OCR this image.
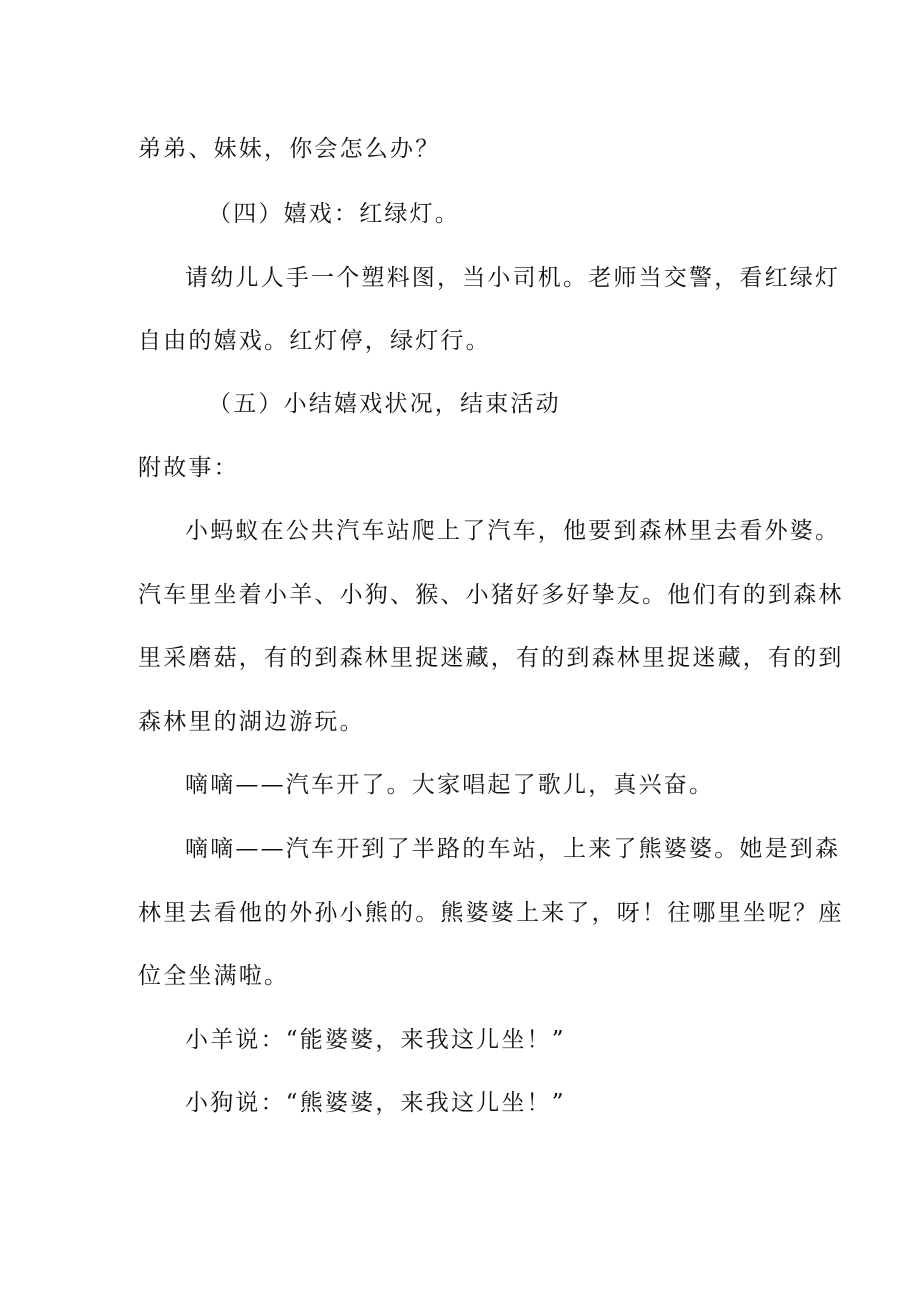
弟弟、妹妹，你会怎么办？
（四）嬉戏：红绿灯。
请幼儿人手一个塑料图，当小司机。老师当交警，看红绿灯
自由的嬉戏。红灯停，绿灯行。
（五）小结嬉戏状况，结束活动
附故事：
小蚂蚁在公共汽车站爬上了汽车，他要到森林里去看外婆。
汽车里坐着小羊、小狗、猴、小猪好多好挚友。他们有的到森林
里采磨菇，有的到森林里捉迷藏，有的到森林里捉迷藏，有的到
森林里的湖边游玩。
嘀嘀——汽车开了。大家唱起了歌儿，真兴奋。
嘀嘀——汽车开到了半路的车站，上来了熊婆婆。她是到森
林里去看他的外孙小熊的。熊婆婆上来了，呀！往哪里坐呢？座
位全坐满啦。
小羊说：“能婆婆，来我这儿坐！”
小狗说：“熊婆婆，来我这儿坐！”
